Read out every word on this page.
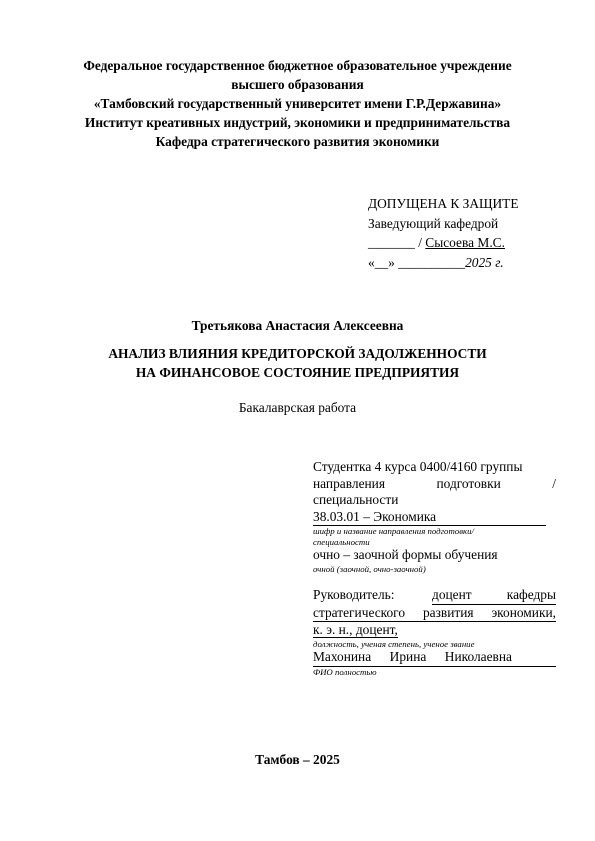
Федеральное государственное бюджетное образовательное учреждение
высшего образования
«Тамбовский государственный университет имени Г.Р.Державина»
Институт креативных индустрий, экономики и предпринимательства
Кафедра стратегического развития экономики
ДОПУЩЕНА К ЗАЩИТЕ
Заведующий кафедрой
_______ / Сысоева М.С.
«__» __________2025 г.
Третьякова Анастасия Алексеевна
АНАЛИЗ ВЛИЯНИЯ КРЕДИТОРСКОЙ ЗАДОЛЖЕННОСТИ
НА ФИНАНСОВОЕ СОСТОЯНИЕ ПРЕДПРИЯТИЯ
Бакалаврская работа
Студентка 4 курса 0400/4160 группы
направления	подготовки	/
специальности
38.03.01 – Экономика
шифр и название направления подготовки/
специальности
очно – заочной формы обучения
очной (заочной, очно-заочной)
Руководитель:	доцент	кафедры
стратегического развития экономики,
к. э. н., доцент,
должность, ученая степень, ученое звание
Махонина Ирина Николаевна
ФИО полностью
Тамбов – 2025
